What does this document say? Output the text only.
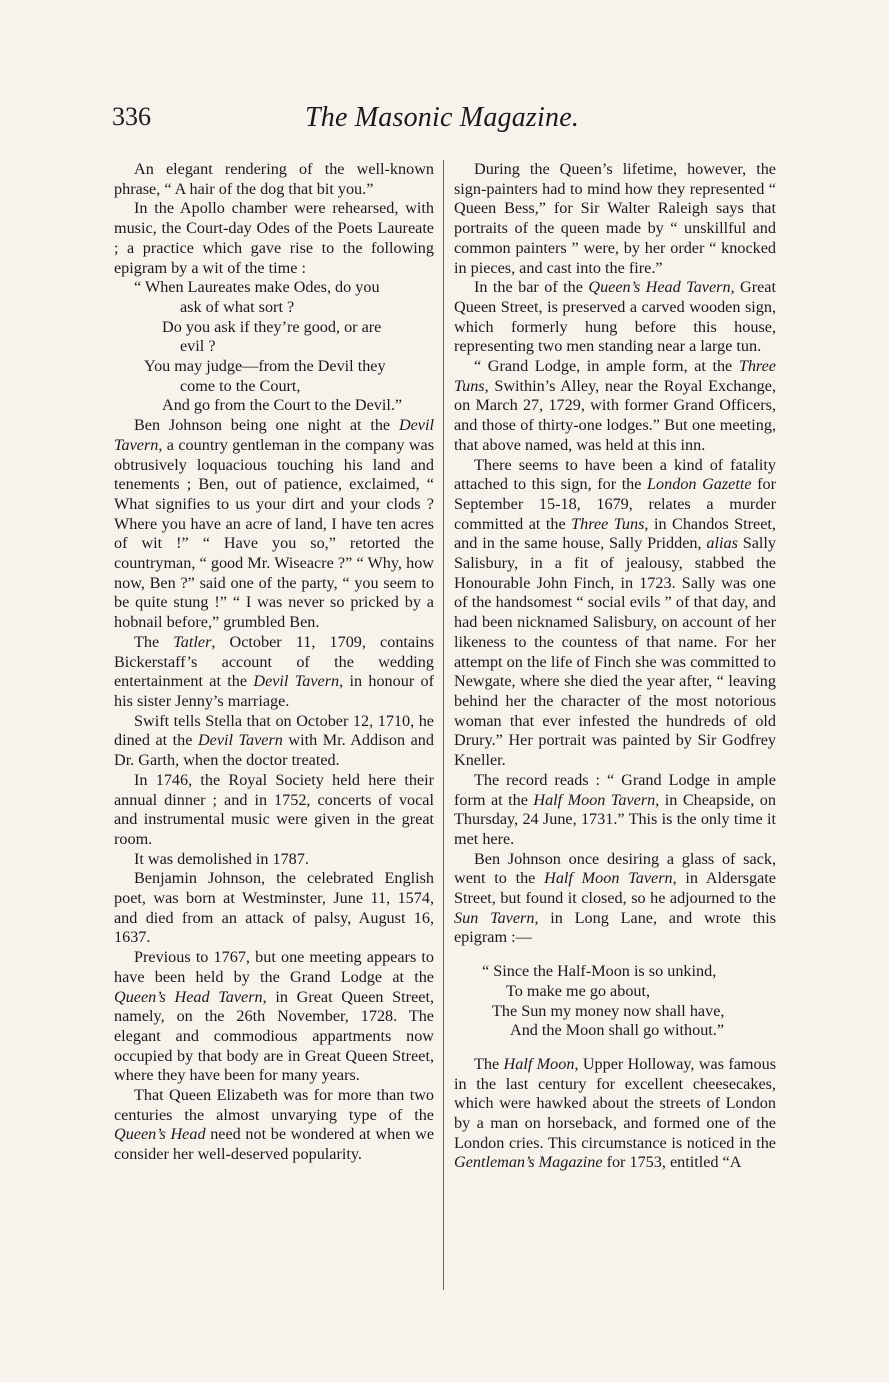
336	The Masonic Magazine.

An elegant rendering of the well-known phrase, “ A hair of the dog that bit you.”

In the Apollo chamber were rehearsed, with music, the Court-day Odes of the Poets Laureate ; a practice which gave rise to the following epigram by a wit of the time :

“ When Laureates make Odes, do you
ask of what sort ?
Do you ask if they’re good, or are
evil ?
You may judge—from the Devil they
come to the Court,
And go from the Court to the Devil.”

Ben Johnson being one night at the Devil Tavern, a country gentleman in the company was obtrusively loquacious touching his land and tenements ; Ben, out of patience, exclaimed, “ What signifies to us your dirt and your clods ? Where you have an acre of land, I have ten acres of wit !” “ Have you so,” retorted the countryman, “ good Mr. Wiseacre ?” “ Why, how now, Ben ?” said one of the party, “ you seem to be quite stung !” “ I was never so pricked by a hobnail before,” grumbled Ben.

The Tatler, October 11, 1709, contains Bickerstaff’s account of the wedding entertainment at the Devil Tavern, in honour of his sister Jenny’s marriage.

Swift tells Stella that on October 12, 1710, he dined at the Devil Tavern with Mr. Addison and Dr. Garth, when the doctor treated.

In 1746, the Royal Society held here their annual dinner ; and in 1752, concerts of vocal and instrumental music were given in the great room.

It was demolished in 1787.

Benjamin Johnson, the celebrated English poet, was born at Westminster, June 11, 1574, and died from an attack of palsy, August 16, 1637.

Previous to 1767, but one meeting appears to have been held by the Grand Lodge at the Queen’s Head Tavern, in Great Queen Street, namely, on the 26th November, 1728. The elegant and commodious appartments now occupied by that body are in Great Queen Street, where they have been for many years.

That Queen Elizabeth was for more than two centuries the almost unvarying type of the Queen’s Head need not be wondered at when we consider her well-deserved popularity.

During the Queen’s lifetime, however, the sign-painters had to mind how they represented “ Queen Bess,” for Sir Walter Raleigh says that portraits of the queen made by “ unskillful and common painters ” were, by her order “ knocked in pieces, and cast into the fire.”

In the bar of the Queen’s Head Tavern, Great Queen Street, is preserved a carved wooden sign, which formerly hung before this house, representing two men standing near a large tun.

“ Grand Lodge, in ample form, at the Three Tuns, Swithin’s Alley, near the Royal Exchange, on March 27, 1729, with former Grand Officers, and those of thirty-one lodges.” But one meeting, that above named, was held at this inn.

There seems to have been a kind of fatality attached to this sign, for the London Gazette for September 15-18, 1679, relates a murder committed at the Three Tuns, in Chandos Street, and in the same house, Sally Pridden, alias Sally Salisbury, in a fit of jealousy, stabbed the Honourable John Finch, in 1723. Sally was one of the handsomest “ social evils ” of that day, and had been nicknamed Salisbury, on account of her likeness to the countess of that name. For her attempt on the life of Finch she was committed to Newgate, where she died the year after, “ leaving behind her the character of the most notorious woman that ever infested the hundreds of old Drury.” Her portrait was painted by Sir Godfrey Kneller.

The record reads : “ Grand Lodge in ample form at the Half Moon Tavern, in Cheapside, on Thursday, 24 June, 1731.” This is the only time it met here.

Ben Johnson once desiring a glass of sack, went to the Half Moon Tavern, in Aldersgate Street, but found it closed, so he adjourned to the Sun Tavern, in Long Lane, and wrote this epigram :—

“ Since the Half-Moon is so unkind,
To make me go about,
The Sun my money now shall have,
And the Moon shall go without.”

The Half Moon, Upper Holloway, was famous in the last century for excellent cheesecakes, which were hawked about the streets of London by a man on horseback, and formed one of the London cries. This circumstance is noticed in the Gentleman’s Magazine for 1753, entitled “A
